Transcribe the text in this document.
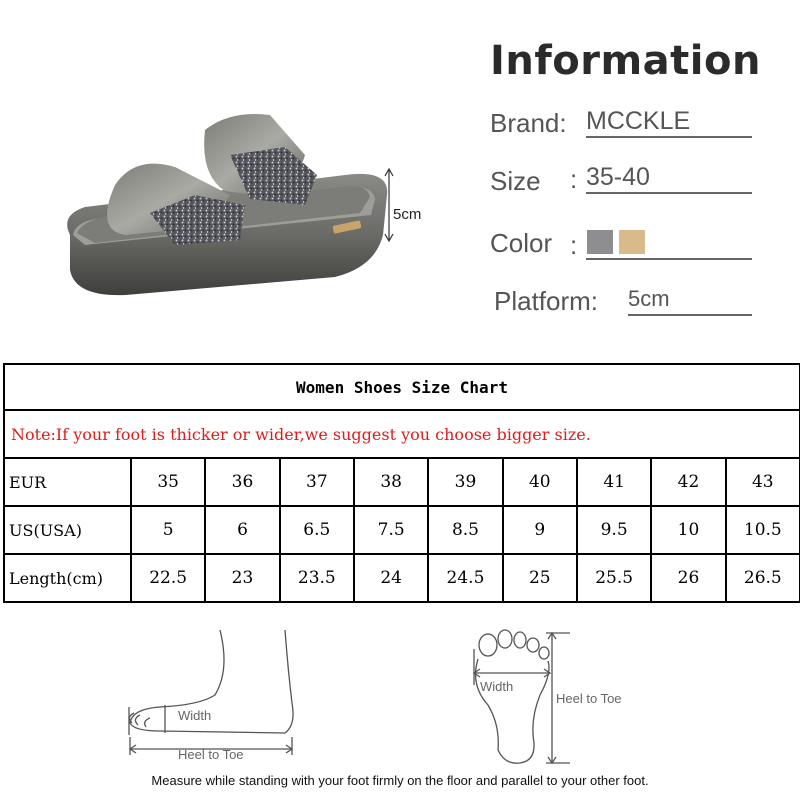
5cm
Information
Brand: MCCKLE
Size : 35-40
Color :
Platform: 5cm
Women Shoes Size Chart									
Note:If your foot is thicker or wider,we suggest you choose bigger size.									
EUR	35	36	37	38	39	40	41	42	43
US(USA)	5	6	6.5	7.5	8.5	9	9.5	10	10.5
Length(cm)	22.5	23	23.5	24	24.5	25	25.5	26	26.5
Width
Heel to Toe
Width
Heel to Toe
Measure while standing with your foot firmly on the floor and parallel to your other foot.
